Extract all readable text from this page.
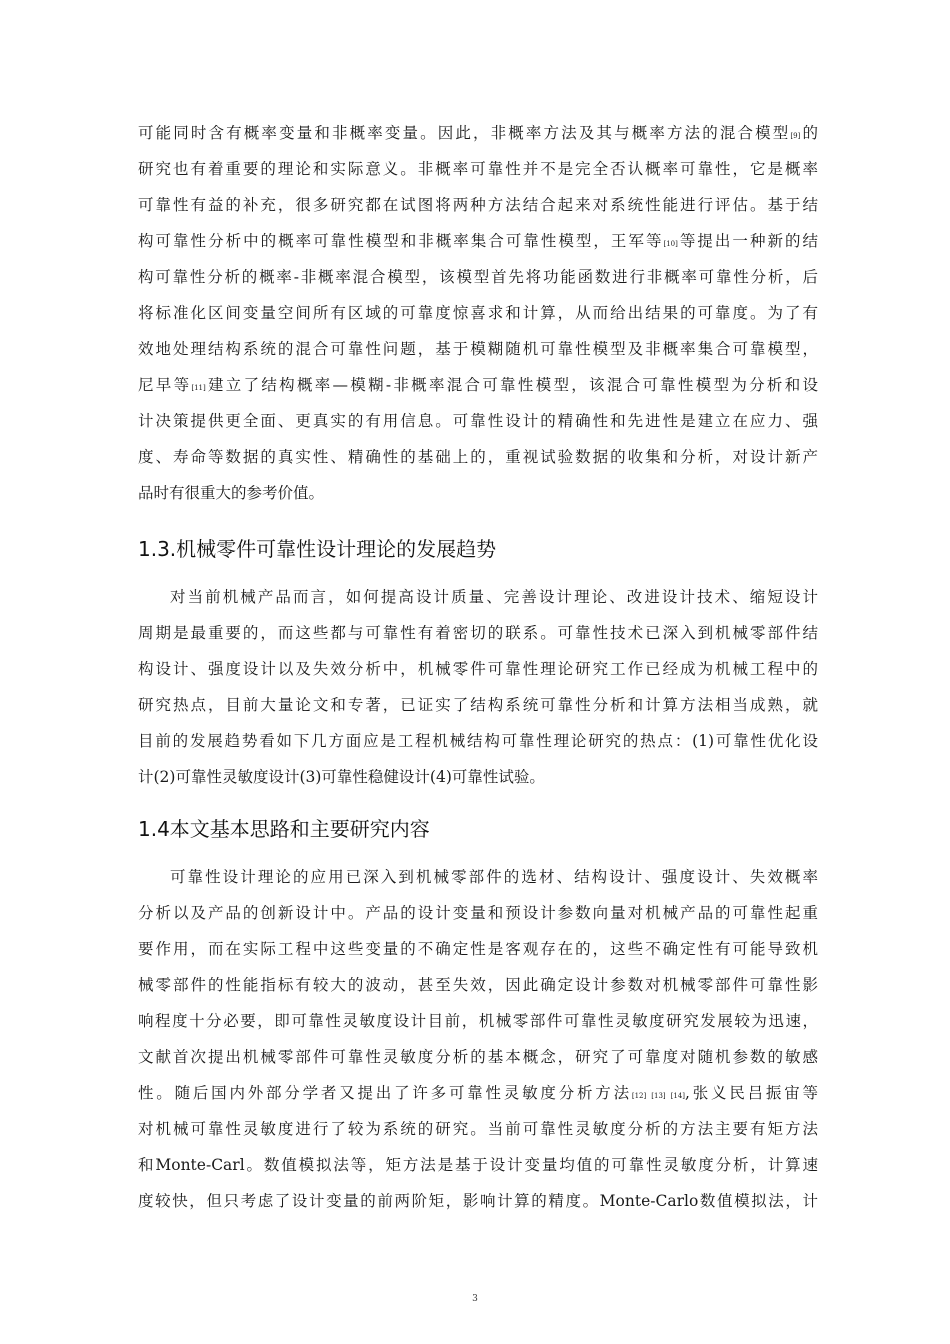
可能同时含有概率变量和非概率变量。因此，非概率方法及其与概率方法的混合模型[9]的
研究也有着重要的理论和实际意义。非概率可靠性并不是完全否认概率可靠性，它是概率
可靠性有益的补充，很多研究都在试图将两种方法结合起来对系统性能进行评估。基于结
构可靠性分析中的概率可靠性模型和非概率集合可靠性模型，王军等[10]等提出一种新的结
构可靠性分析的概率-非概率混合模型，该模型首先将功能函数进行非概率可靠性分析，后
将标准化区间变量空间所有区域的可靠度惊喜求和计算，从而给出结果的可靠度。为了有
效地处理结构系统的混合可靠性问题，基于模糊随机可靠性模型及非概率集合可靠模型，
尼早等[11]建立了结构概率—模糊-非概率混合可靠性模型，该混合可靠性模型为分析和设
计决策提供更全面、更真实的有用信息。可靠性设计的精确性和先进性是建立在应力、强
度、寿命等数据的真实性、精确性的基础上的，重视试验数据的收集和分析，对设计新产
品时有很重大的参考价值。
1.3.机械零件可靠性设计理论的发展趋势
对当前机械产品而言，如何提高设计质量、完善设计理论、改进设计技术、缩短设计
周期是最重要的，而这些都与可靠性有着密切的联系。可靠性技术已深入到机械零部件结
构设计、强度设计以及失效分析中，机械零件可靠性理论研究工作已经成为机械工程中的
研究热点，目前大量论文和专著，已证实了结构系统可靠性分析和计算方法相当成熟，就
目前的发展趋势看如下几方面应是工程机械结构可靠性理论研究的热点：(1)可靠性优化设
计(2)可靠性灵敏度设计(3)可靠性稳健设计(4)可靠性试验。
1.4本文基本思路和主要研究内容
可靠性设计理论的应用已深入到机械零部件的选材、结构设计、强度设计、失效概率
分析以及产品的创新设计中。产品的设计变量和预设计参数向量对机械产品的可靠性起重
要作用，而在实际工程中这些变量的不确定性是客观存在的，这些不确定性有可能导致机
械零部件的性能指标有较大的波动，甚至失效，因此确定设计参数对机械零部件可靠性影
响程度十分必要，即可靠性灵敏度设计目前，机械零部件可靠性灵敏度研究发展较为迅速，
文献首次提出机械零部件可靠性灵敏度分析的基本概念，研究了可靠度对随机参数的敏感
性。随后国内外部分学者又提出了许多可靠性灵敏度分析方法[12] [13] [14],张义民吕振宙等
对机械可靠性灵敏度进行了较为系统的研究。当前可靠性灵敏度分析的方法主要有矩方法
和Monte-Carl。数值模拟法等，矩方法是基于设计变量均值的可靠性灵敏度分析，计算速
度较快，但只考虑了设计变量的前两阶矩，影响计算的精度。Monte-Carlo数值模拟法，计
3
